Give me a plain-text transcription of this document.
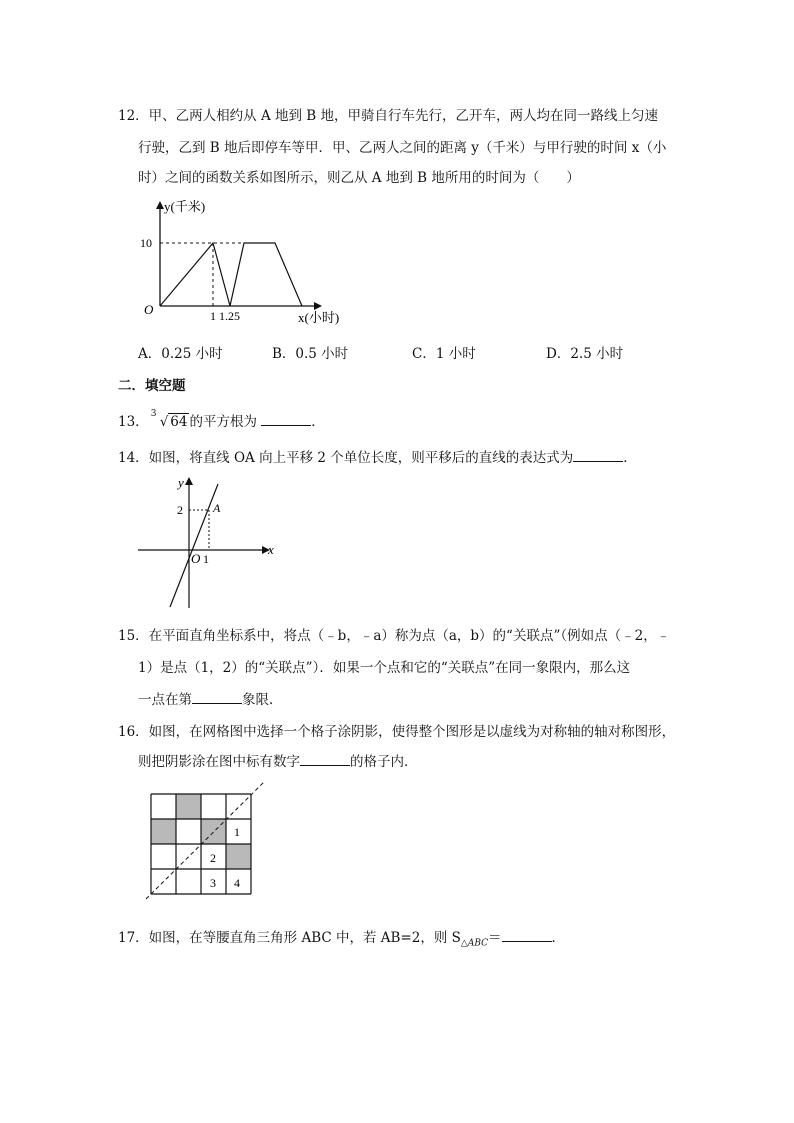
12．甲、乙两人相约从 A 地到 B 地，甲骑自行车先行，乙开车，两人均在同一路线上匀速
行驶，乙到 B 地后即停车等甲．甲、乙两人之间的距离 y（千米）与甲行驶的时间 x（小
时）之间的函数关系如图所示，则乙从 A 地到 B 地所用的时间为（　　）
y(千米)
10
O	1 1.25	x(小时)
A．0.25 小时	B．0.5 小时	C．1 小时	D．2.5 小时
二．填空题
13． 3 √ 64 的平方根为	．
14．如图，将直线 OA 向上平移 2 个单位长度，则平移后的直线的表达式为	．
y
x
2	A
O 1
15．在平面直角坐标系中，将点（﹣b，﹣a）称为点（a，b）的“关联点”（例如点（﹣2，﹣
1）是点（1，2）的“关联点”）．如果一个点和它的“关联点”在同一象限内，那么这
一点在第	象限．
16．如图，在网格图中选择一个格子涂阴影，使得整个图形是以虚线为对称轴的轴对称图形，
则把阴影涂在图中标有数字	的格子内．
1
2
3 4
17．如图，在等腰直角三角形 ABC 中，若 AB=2，则 $S_{\triangle ABC}=$	．
